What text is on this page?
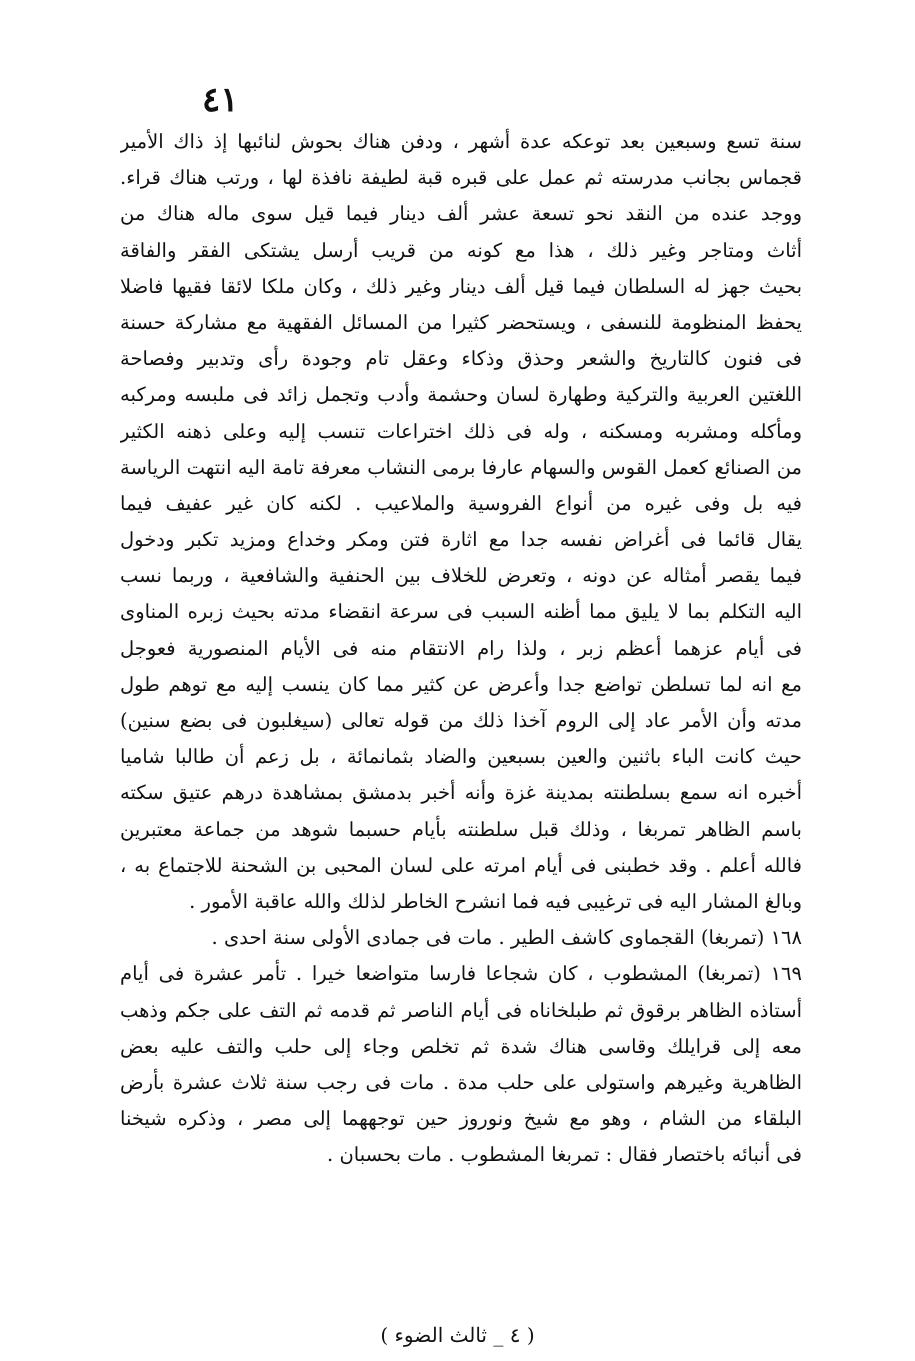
٤١
سنة تسع وسبعين بعد توعكه عدة أشهر ، ودفن هناك بحوش لنائبها إذ ذاك الأمير
قجماس بجانب مدرسته ثم عمل على قبره قبة لطيفة نافذة لها ، ورتب هناك قراء.
ووجد عنده من النقد نحو تسعة عشر ألف دينار فيما قيل سوى ماله هناك من
أثاث ومتاجر وغير ذلك ، هذا مع كونه من قريب أرسل يشتكى الفقر والفاقة
بحيث جهز له السلطان فيما قيل ألف دينار وغير ذلك ، وكان ملكا لائقا فقيها فاضلا
يحفظ المنظومة للنسفى ، ويستحضر كثيرا من المسائل الفقهية مع مشاركة حسنة
فى فنون كالتاريخ والشعر وحذق وذكاء وعقل تام وجودة رأى وتدبير وفصاحة
اللغتين العربية والتركية وطهارة لسان وحشمة وأدب وتجمل زائد فى ملبسه ومركبه
ومأكله ومشربه ومسكنه ، وله فى ذلك اختراعات تنسب إليه وعلى ذهنه الكثير
من الصنائع كعمل القوس والسهام عارفا برمى النشاب معرفة تامة اليه انتهت الرياسة
فيه بل وفى غيره من أنواع الفروسية والملاعيب . لكنه كان غير عفيف فيما
يقال قائما فى أغراض نفسه جدا مع اثارة فتن ومكر وخداع ومزيد تكبر ودخول
فيما يقصر أمثاله عن دونه ، وتعرض للخلاف بين الحنفية والشافعية ، وربما نسب
اليه التكلم بما لا يليق مما أظنه السبب فى سرعة انقضاء مدته بحيث زبره المناوى
فى أيام عزهما أعظم زبر ، ولذا رام الانتقام منه فى الأيام المنصورية فعوجل
مع انه لما تسلطن تواضع جدا وأعرض عن كثير مما كان ينسب إليه مع توهم طول
مدته وأن الأمر عاد إلى الروم آخذا ذلك من قوله تعالى (سيغلبون فى بضع سنين)
حيث كانت الباء باثنين والعين بسبعين والضاد بثمانمائة ، بل زعم أن طالبا شاميا
أخبره انه سمع بسلطنته بمدينة غزة وأنه أخبر بدمشق بمشاهدة درهم عتيق سكته
باسم الظاهر تمربغا ، وذلك قبل سلطنته بأيام حسبما شوهد من جماعة معتبرين
فالله أعلم . وقد خطبنى فى أيام امرته على لسان المحبى بن الشحنة للاجتماع به ،
وبالغ المشار اليه فى ترغيبى فيه فما انشرح الخاطر لذلك والله عاقبة الأمور .
١٦٨ (تمربغا) القجماوى كاشف الطير . مات فى جمادى الأولى سنة احدى .
١٦٩ (تمربغا) المشطوب ، كان شجاعا فارسا متواضعا خيرا . تأمر عشرة فى أيام
أستاذه الظاهر برقوق ثم طبلخاناه فى أيام الناصر ثم قدمه ثم التف على جكم وذهب
معه إلى قرايلك وقاسى هناك شدة ثم تخلص وجاء إلى حلب والتف عليه بعض
الظاهرية وغيرهم واستولى على حلب مدة . مات فى رجب سنة ثلاث عشرة بأرض
البلقاء من الشام ، وهو مع شيخ ونوروز حين توجههما إلى مصر ، وذكره شيخنا
فى أنبائه باختصار فقال : تمربغا المشطوب . مات بحسبان .
( ٤ _ ثالث الضوء )
